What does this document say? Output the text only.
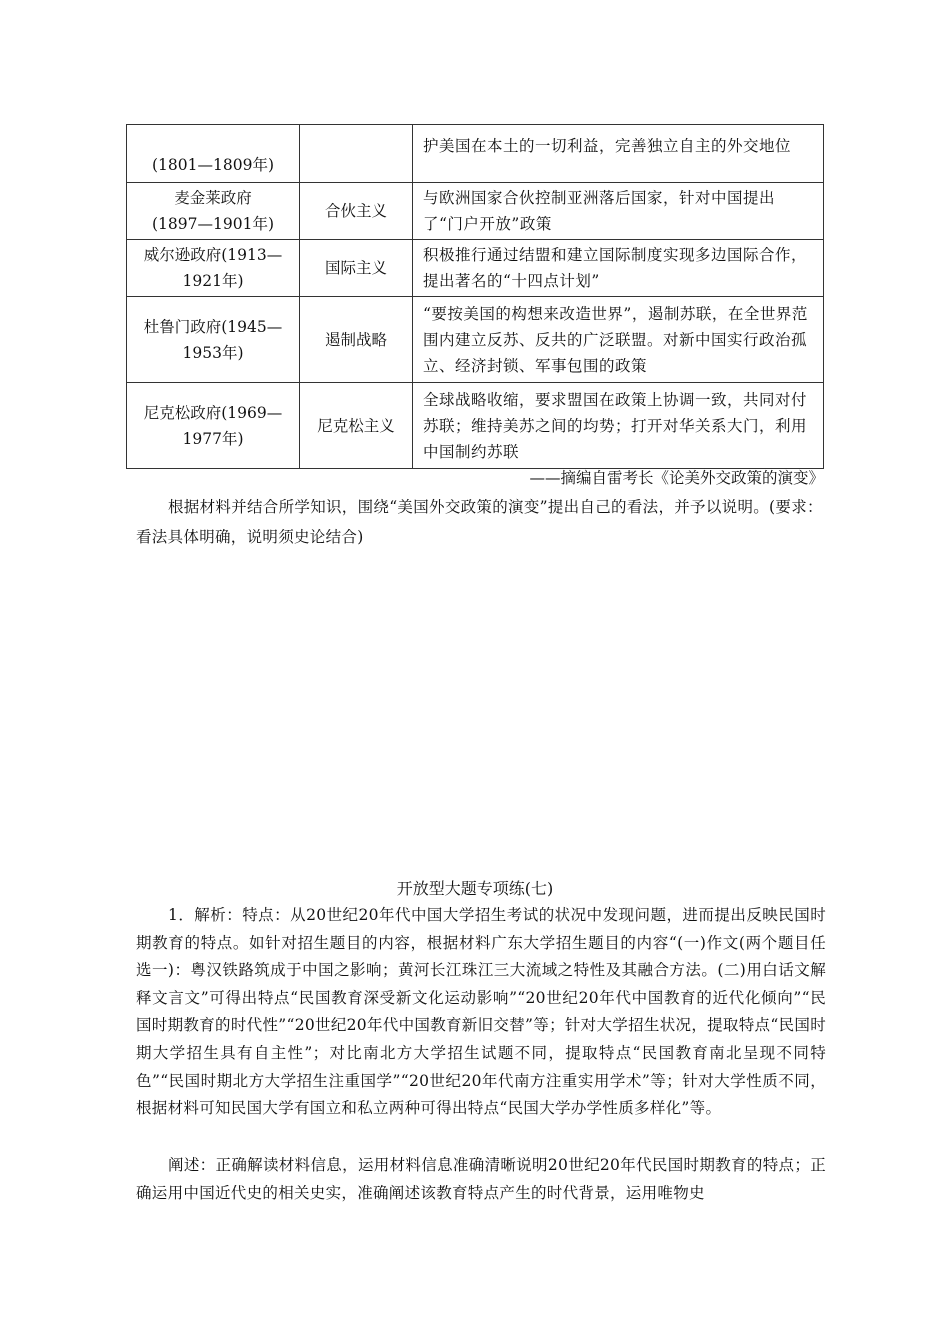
(1801—1809年)		护美国在本土的一切利益，完善独立自主的外交地位

麦金莱政府
(1897—1901年)	合伙主义	与欧洲国家合伙控制亚洲落后国家，针对中国提出了“门户开放”政策

威尔逊政府(1913—
1921年)	国际主义	积极推行通过结盟和建立国际制度实现多边国际合作，提出著名的“十四点计划”

杜鲁门政府(1945—
1953年)	遏制战略	“要按美国的构想来改造世界”，遏制苏联，在全世界范围内建立反苏、反共的广泛联盟。对新中国实行政治孤立、经济封锁、军事包围的政策

尼克松政府(1969—
1977年)	尼克松主义	全球战略收缩，要求盟国在政策上协调一致，共同对付苏联；维持美苏之间的均势；打开对华关系大门，利用中国制约苏联
——摘编自雷考长《论美外交政策的演变》

根据材料并结合所学知识，围绕“美国外交政策的演变”提出自己的看法，并予以说明。(要求：看法具体明确，说明须史论结合)

开放型大题专项练(七)

1．解析：特点：从20世纪20年代中国大学招生考试的状况中发现问题，进而提出反映民国时期教育的特点。如针对招生题目的内容，根据材料广东大学招生题目的内容“(一)作文(两个题目任选一)：粤汉铁路筑成于中国之影响；黄河长江珠江三大流域之特性及其融合方法。(二)用白话文解释文言文”可得出特点“民国教育深受新文化运动影响”“20世纪20年代中国教育的近代化倾向”“民国时期教育的时代性”“20世纪20年代中国教育新旧交替”等；针对大学招生状况，提取特点“民国时期大学招生具有自主性”；对比南北方大学招生试题不同，提取特点“民国教育南北呈现不同特色”“民国时期北方大学招生注重国学”“20世纪20年代南方注重实用学术”等；针对大学性质不同，根据材料可知民国大学有国立和私立两种可得出特点“民国大学办学性质多样化”等。

阐述：正确解读材料信息，运用材料信息准确清晰说明20世纪20年代民国时期教育的特点；正确运用中国近代史的相关史实，准确阐述该教育特点产生的时代背景，运用唯物史
